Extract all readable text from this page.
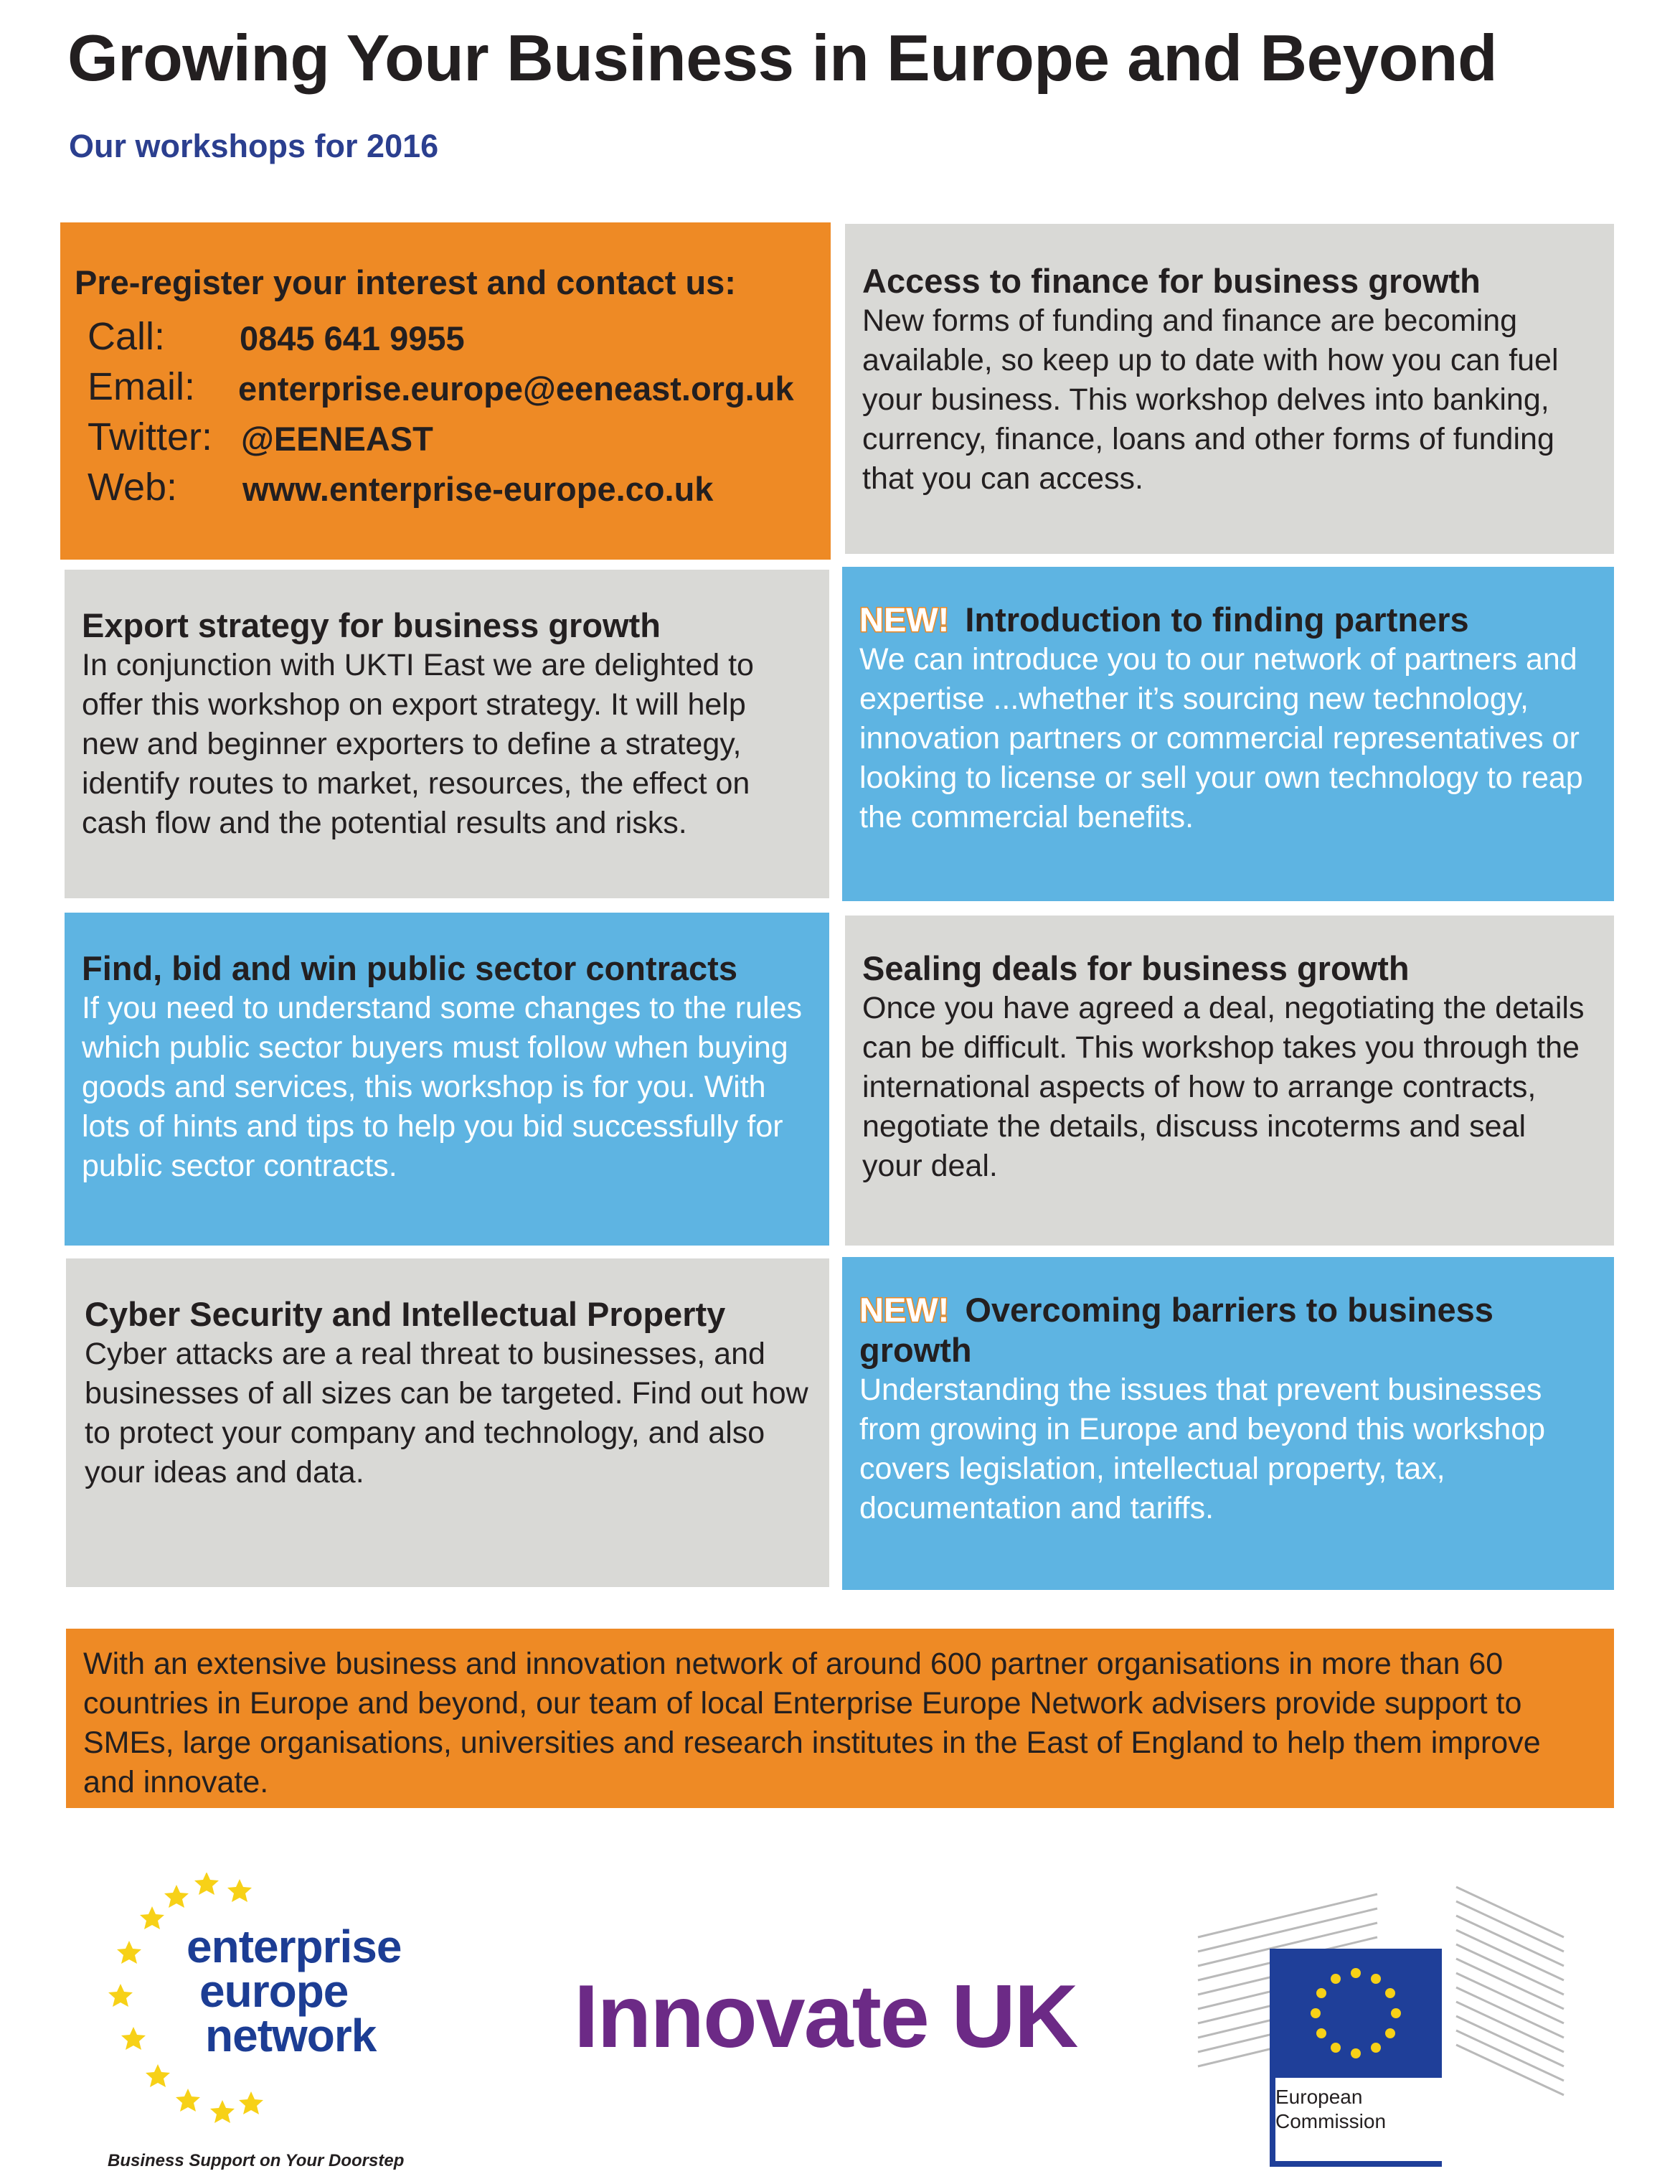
Growing Your Business in Europe and Beyond
Our workshops for 2016
Pre-register your interest and contact us:
Call: 0845 641 9955
Email: enterprise.europe@eeneast.org.uk
Twitter: @EENEAST
Web: www.enterprise-europe.co.uk
Access to finance for business growth

New forms of funding and finance are becoming available, so keep up to date with how you can fuel your business. This workshop delves into banking, currency, finance, loans and other forms of funding that you can access.

Export strategy for business growth

In conjunction with UKTI East we are delighted to offer this workshop on export strategy. It will help new and beginner exporters to define a strategy, identify routes to market, resources, the effect on cash flow and the potential results and risks.

NEW! Introduction to finding partners

We can introduce you to our network of partners and expertise ...whether it’s sourcing new technology, innovation partners or commercial representatives or looking to license or sell your own technology to reap the commercial benefits.

Find, bid and win public sector contracts

If you need to understand some changes to the rules which public sector buyers must follow when buying goods and services, this workshop is for you. With lots of hints and tips to help you bid successfully for public sector contracts.

Sealing deals for business growth

Once you have agreed a deal, negotiating the details can be difficult. This workshop takes you through the international aspects of how to arrange contracts, negotiate the details, discuss incoterms and seal your deal.

Cyber Security and Intellectual Property

Cyber attacks are a real threat to businesses, and businesses of all sizes can be targeted. Find out how to protect your company and technology, and also your ideas and data.

NEW! Overcoming barriers to business growth

Understanding the issues that prevent businesses from growing in Europe and beyond this workshop covers legislation, intellectual property, tax, documentation and tariffs.

With an extensive business and innovation network of around 600 partner organisations in more than 60 countries in Europe and beyond, our team of local Enterprise Europe Network advisers provide support to SMEs, large organisations, universities and research institutes in the East of England to help them improve and innovate.

enterprise
europe
network
Business Support on Your Doorstep
Innovate UK
European
Commission
